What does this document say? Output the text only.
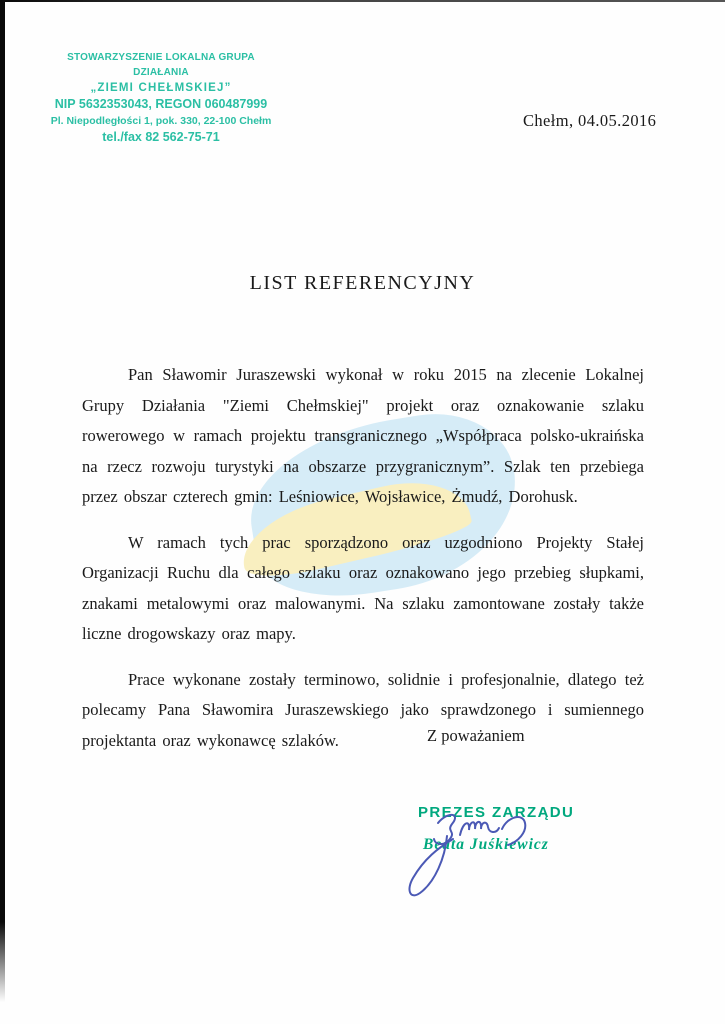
STOWARZYSZENIE LOKALNA GRUPA DZIAŁANIA
„ZIEMI CHEŁMSKIEJ”
NIP 5632353043, REGON 060487999
Pl. Niepodległości 1, pok. 330, 22-100 Chełm
tel./fax 82 562-75-71
Chełm, 04.05.2016
LIST REFERENCYJNY

Pan Sławomir Juraszewski wykonał w roku 2015 na zlecenie Lokalnej Grupy Działania "Ziemi Chełmskiej" projekt oraz oznakowanie szlaku rowerowego w ramach projektu transgranicznego „Współpraca polsko-ukraińska na rzecz rozwoju turystyki na obszarze przygranicznym”. Szlak ten przebiega przez obszar czterech gmin: Leśniowice, Wojsławice, Żmudź, Dorohusk.

W ramach tych prac sporządzono oraz uzgodniono Projekty Stałej Organizacji Ruchu dla całego szlaku oraz oznakowano jego przebieg słupkami, znakami metalowymi oraz malowanymi. Na szlaku zamontowane zostały także liczne drogowskazy oraz mapy.

Prace wykonane zostały terminowo, solidnie i profesjonalnie, dlatego też polecamy Pana Sławomira Juraszewskiego jako sprawdzonego i sumiennego projektanta oraz wykonawcę szlaków.	Z poważaniem
PREZES ZARZĄDU
Beata Juśkiewicz
